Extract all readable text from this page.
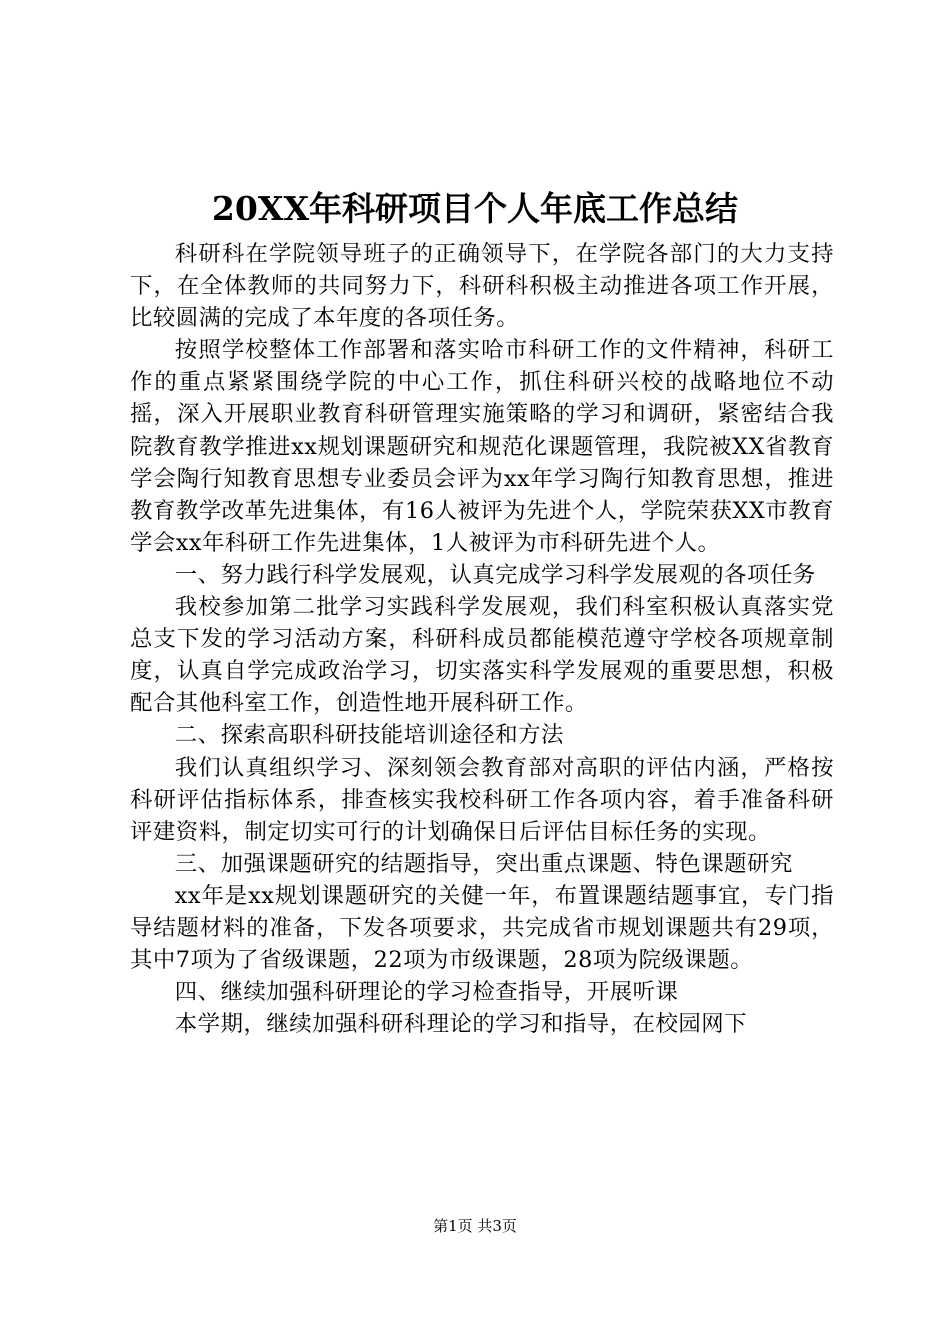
20XX年科研项目个人年底工作总结

科研科在学院领导班子的正确领导下，在学院各部门的大力支持下，在全体教师的共同努力下，科研科积极主动推进各项工作开展，比较圆满的完成了本年度的各项任务。

按照学校整体工作部署和落实哈市科研工作的文件精神，科研工作的重点紧紧围绕学院的中心工作，抓住科研兴校的战略地位不动摇，深入开展职业教育科研管理实施策略的学习和调研，紧密结合我院教育教学推进xx规划课题研究和规范化课题管理，我院被XX省教育学会陶行知教育思想专业委员会评为xx年学习陶行知教育思想，推进教育教学改革先进集体，有16人被评为先进个人，学院荣获XX市教育学会xx年科研工作先进集体，1人被评为市科研先进个人。

一、努力践行科学发展观，认真完成学习科学发展观的各项任务

我校参加第二批学习实践科学发展观，我们科室积极认真落实党总支下发的学习活动方案，科研科成员都能模范遵守学校各项规章制度，认真自学完成政治学习，切实落实科学发展观的重要思想，积极配合其他科室工作，创造性地开展科研工作。

二、探索高职科研技能培训途径和方法

我们认真组织学习、深刻领会教育部对高职的评估内涵，严格按科研评估指标体系，排查核实我校科研工作各项内容，着手准备科研评建资料，制定切实可行的计划确保日后评估目标任务的实现。

三、加强课题研究的结题指导，突出重点课题、特色课题研究

xx年是xx规划课题研究的关健一年，布置课题结题事宜，专门指导结题材料的准备，下发各项要求，共完成省市规划课题共有29项，其中7项为了省级课题，22项为市级课题，28项为院级课题。

四、继续加强科研理论的学习检查指导，开展听课

本学期，继续加强科研科理论的学习和指导，在校园网下

第1页 共3页
